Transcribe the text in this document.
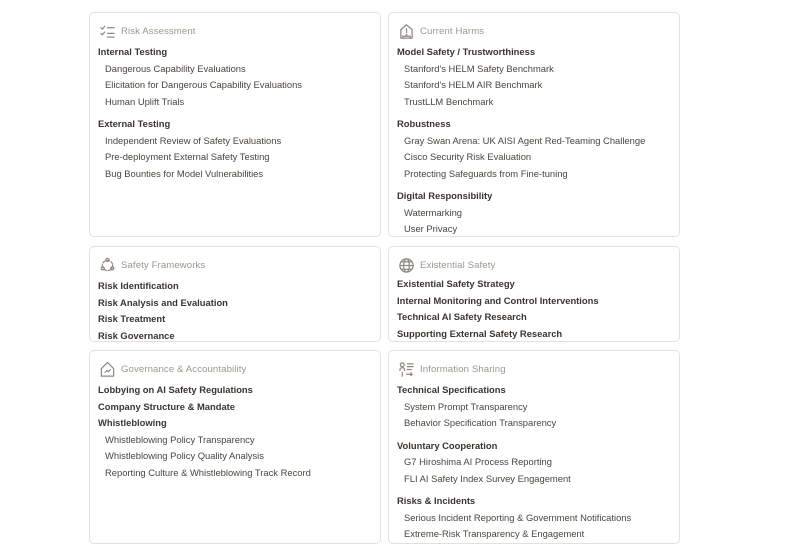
Risk Assessment
Internal Testing
Dangerous Capability Evaluations
Elicitation for Dangerous Capability Evaluations
Human Uplift Trials
External Testing
Independent Review of Safety Evaluations
Pre-deployment External Safety Testing
Bug Bounties for Model Vulnerabilities
Current Harms
Model Safety / Trustworthiness
Stanford's HELM Safety Benchmark
Stanford's HELM AIR Benchmark
TrustLLM Benchmark
Robustness
Gray Swan Arena: UK AISI Agent Red-Teaming Challenge
Cisco Security Risk Evaluation
Protecting Safeguards from Fine-tuning
Digital Responsibility
Watermarking
User Privacy
Safety Frameworks
Risk Identification
Risk Analysis and Evaluation
Risk Treatment
Risk Governance
Existential Safety
Existential Safety Strategy
Internal Monitoring and Control Interventions
Technical AI Safety Research
Supporting External Safety Research
Governance & Accountability
Lobbying on AI Safety Regulations
Company Structure & Mandate
Whistleblowing
Whistleblowing Policy Transparency
Whistleblowing Policy Quality Analysis
Reporting Culture & Whistleblowing Track Record
Information Sharing
Technical Specifications
System Prompt Transparency
Behavior Specification Transparency
Voluntary Cooperation
G7 Hiroshima AI Process Reporting
FLI AI Safety Index Survey Engagement
Risks & Incidents
Serious Incident Reporting & Government Notifications
Extreme-Risk Transparency & Engagement
